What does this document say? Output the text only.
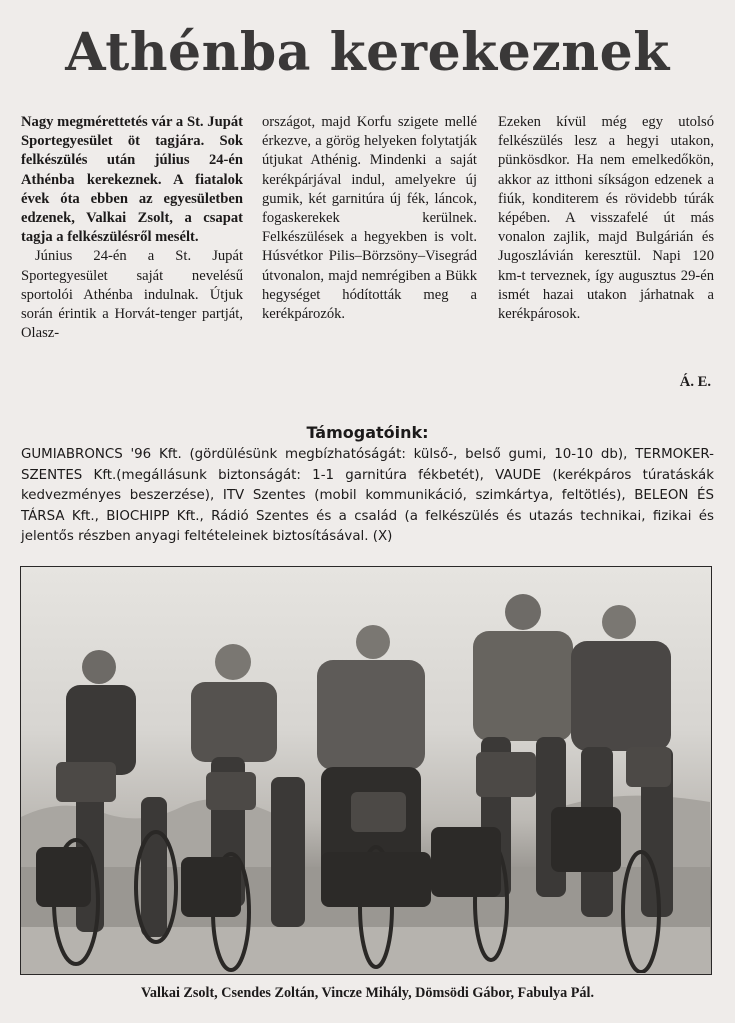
Athénba kerekeznek

Nagy megmérettetés vár a St. Jupát Sportegyesület öt tagjára. Sok felkészülés után július 24-én Athénba kerekeznek. A fiatalok évek óta ebben az egyesületben edzenek, Valkai Zsolt, a csapat tagja a felkészülésről mesélt.

Június 24-én a St. Jupát Sportegyesület saját nevelésű sportolói Athénba indulnak. Útjuk során érintik a Horvát-tenger partját, Olasz-

országot, majd Korfu szigete mellé érkezve, a görög helyeken folytatják útjukat Athénig. Mindenki a saját kerékpárjával indul, amelyekre új gumik, két garnitúra új fék, láncok, fogaskerekek kerülnek. Felkészülések a hegyekben is volt. Húsvétkor Pilis–Börzsöny–Visegrád útvonalon, majd nemrégiben a Bükk hegységet hódították meg a kerékpározók.

Ezeken kívül még egy utolsó felkészülés lesz a hegyi utakon, pünkösdkor. Ha nem emelkedőkön, akkor az itthoni síkságon edzenek a fiúk, konditerem és rövidebb túrák képében. A visszafelé út más vonalon zajlik, majd Bulgárián és Jugoszlávián keresztül. Napi 120 km-t terveznek, így augusztus 29-én ismét hazai utakon járhatnak a kerékpárosok.

Á. E.
Támogatóink:
GUMIABRONCS '96 Kft. (gördülésünk megbízhatóságát: külső-, belső gumi, 10-10 db), TERMOKER-SZENTES Kft.(megállásunk biztonságát: 1-1 garnitúra fékbetét), VAUDE (kerékpáros túratáskák kedvezményes beszerzése), ITV Szentes (mobil kommunikáció, szimkártya, feltötlés), BELEON ÉS TÁRSA Kft., BIOCHIPP Kft., Rádió Szentes és a család (a felkészülés és utazás technikai, fizikai és jelentős részben anyagi feltételeinek biztosításával. (X)
Valkai Zsolt, Csendes Zoltán, Vincze Mihály, Dömsödi Gábor, Fabulya Pál.
